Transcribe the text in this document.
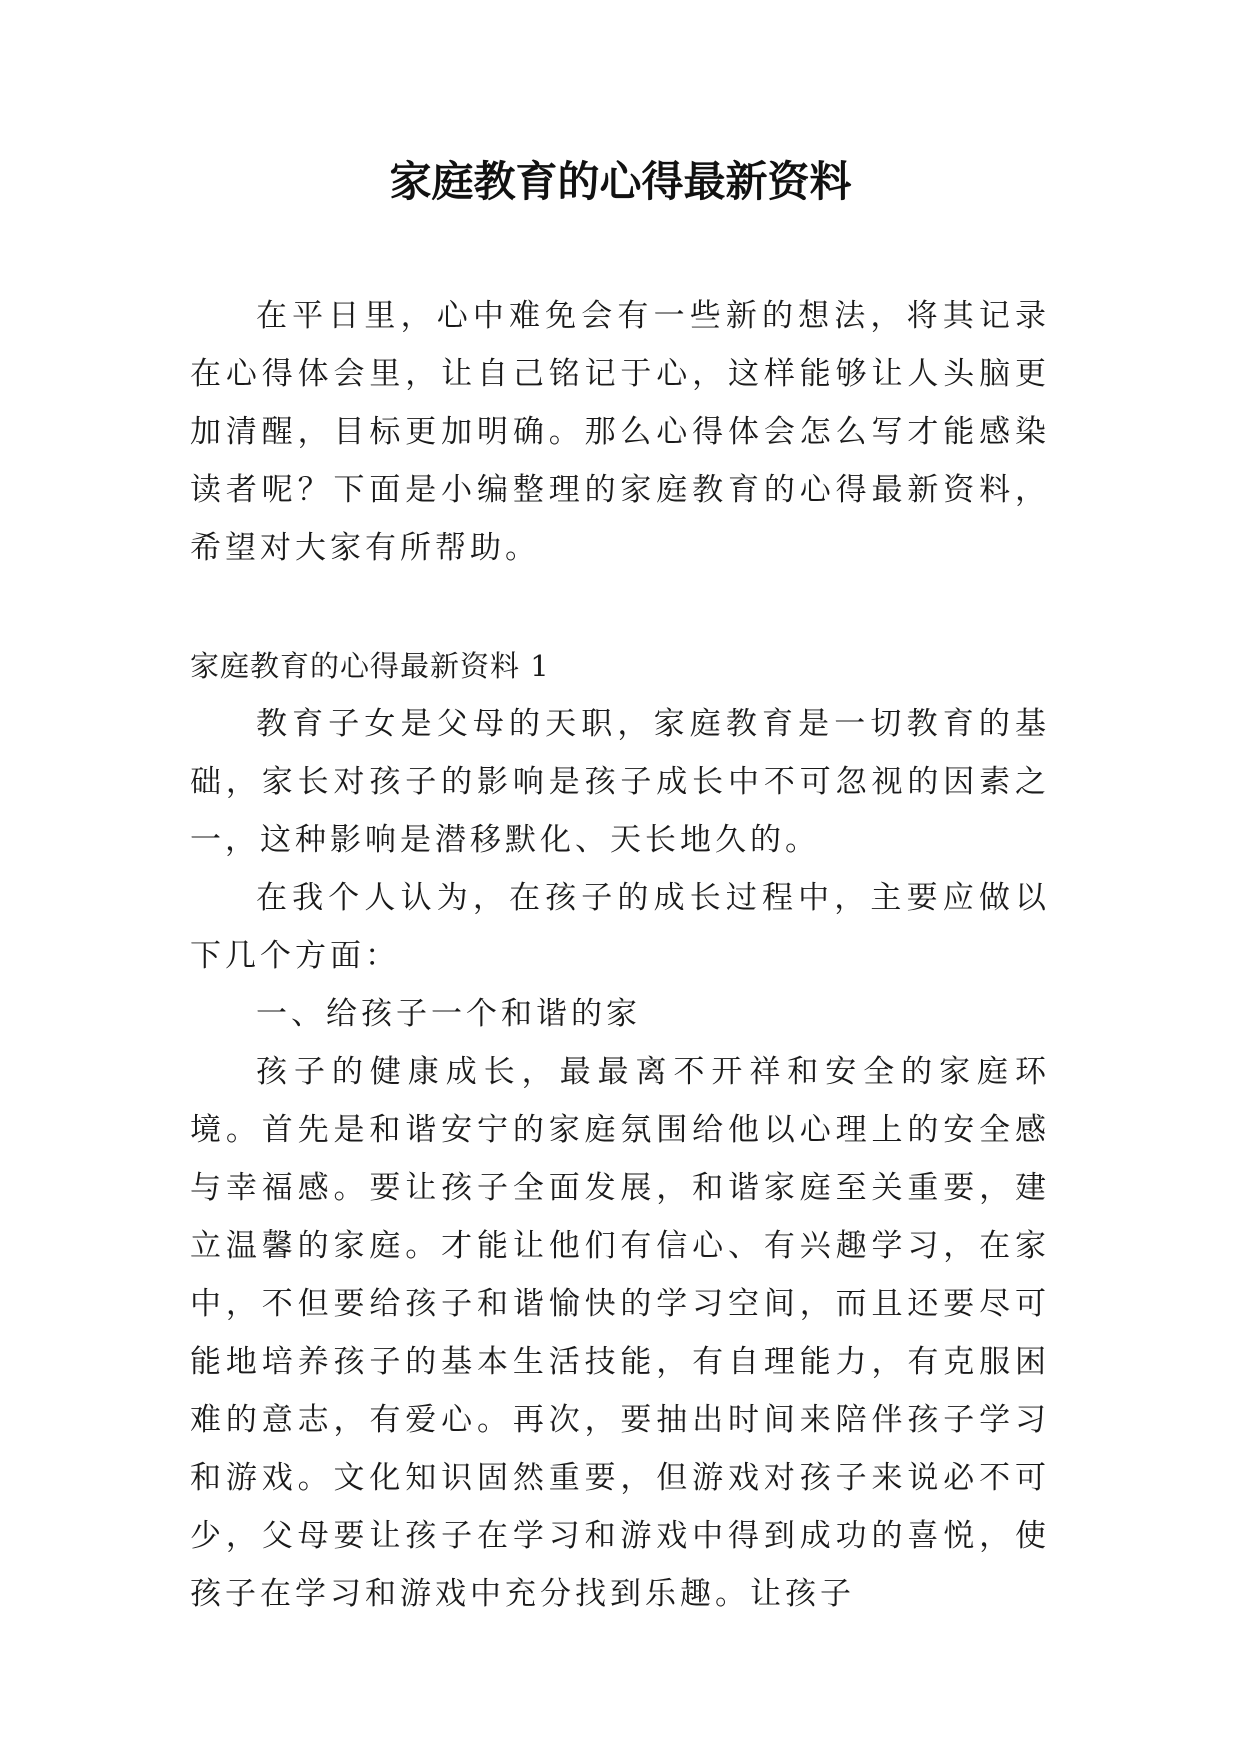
家庭教育的心得最新资料

在平日里，心中难免会有一些新的想法，将其记录在心得体会里，让自己铭记于心，这样能够让人头脑更加清醒，目标更加明确。那么心得体会怎么写才能感染读者呢？下面是小编整理的家庭教育的心得最新资料，希望对大家有所帮助。

家庭教育的心得最新资料 1

教育子女是父母的天职，家庭教育是一切教育的基础，家长对孩子的影响是孩子成长中不可忽视的因素之一，这种影响是潜移默化、天长地久的。

在我个人认为，在孩子的成长过程中，主要应做以下几个方面：

一、给孩子一个和谐的家

孩子的健康成长，最最离不开祥和安全的家庭环境。首先是和谐安宁的家庭氛围给他以心理上的安全感与幸福感。要让孩子全面发展，和谐家庭至关重要，建立温馨的家庭。才能让他们有信心、有兴趣学习，在家中，不但要给孩子和谐愉快的学习空间，而且还要尽可能地培养孩子的基本生活技能，有自理能力，有克服困难的意志，有爱心。再次，要抽出时间来陪伴孩子学习和游戏。文化知识固然重要，但游戏对孩子来说必不可少，父母要让孩子在学习和游戏中得到成功的喜悦，使孩子在学习和游戏中充分找到乐趣。让孩子
